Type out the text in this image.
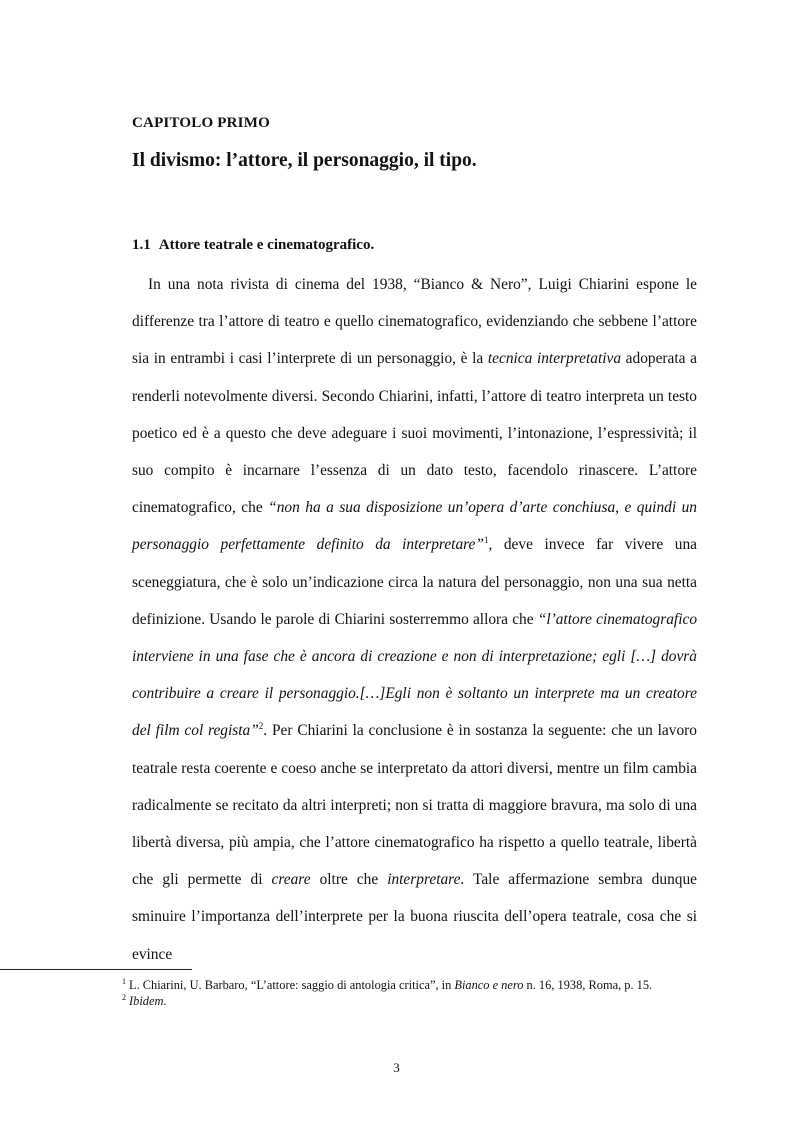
CAPITOLO PRIMO
Il divismo: l’attore, il personaggio, il tipo.
1.1 Attore teatrale e cinematografico.

In una nota rivista di cinema del 1938, “Bianco & Nero”, Luigi Chiarini espone le differenze tra l’attore di teatro e quello cinematografico, evidenziando che sebbene l’attore sia in entrambi i casi l’interprete di un personaggio, è la tecnica interpretativa adoperata a renderli notevolmente diversi. Secondo Chiarini, infatti, l’attore di teatro interpreta un testo poetico ed è a questo che deve adeguare i suoi movimenti, l’intonazione, l’espressività; il suo compito è incarnare l’essenza di un dato testo, facendolo rinascere. L’attore cinematografico, che “non ha a sua disposizione un’opera d’arte conchiusa, e quindi un personaggio perfettamente definito da interpretare”$^1$, deve invece far vivere una sceneggiatura, che è solo un’indicazione circa la natura del personaggio, non una sua netta definizione. Usando le parole di Chiarini sosterremmo allora che “l’attore cinematografico interviene in una fase che è ancora di creazione e non di interpretazione; egli […] dovrà contribuire a creare il personaggio.[…]Egli non è soltanto un interprete ma un creatore del film col regista”$^2$. Per Chiarini la conclusione è in sostanza la seguente: che un lavoro teatrale resta coerente e coeso anche se interpretato da attori diversi, mentre un film cambia radicalmente se recitato da altri interpreti; non si tratta di maggiore bravura, ma solo di una libertà diversa, più ampia, che l’attore cinematografico ha rispetto a quello teatrale, libertà che gli permette di creare oltre che interpretare. Tale affermazione sembra dunque sminuire l’importanza dell’interprete per la buona riuscita dell’opera teatrale, cosa che si evince

$^1$ L. Chiarini, U. Barbaro, “L’attore: saggio di antologia critica”, in Bianco e nero n. 16, 1938, Roma, p. 15.
$^2$ Ibidem.
3
